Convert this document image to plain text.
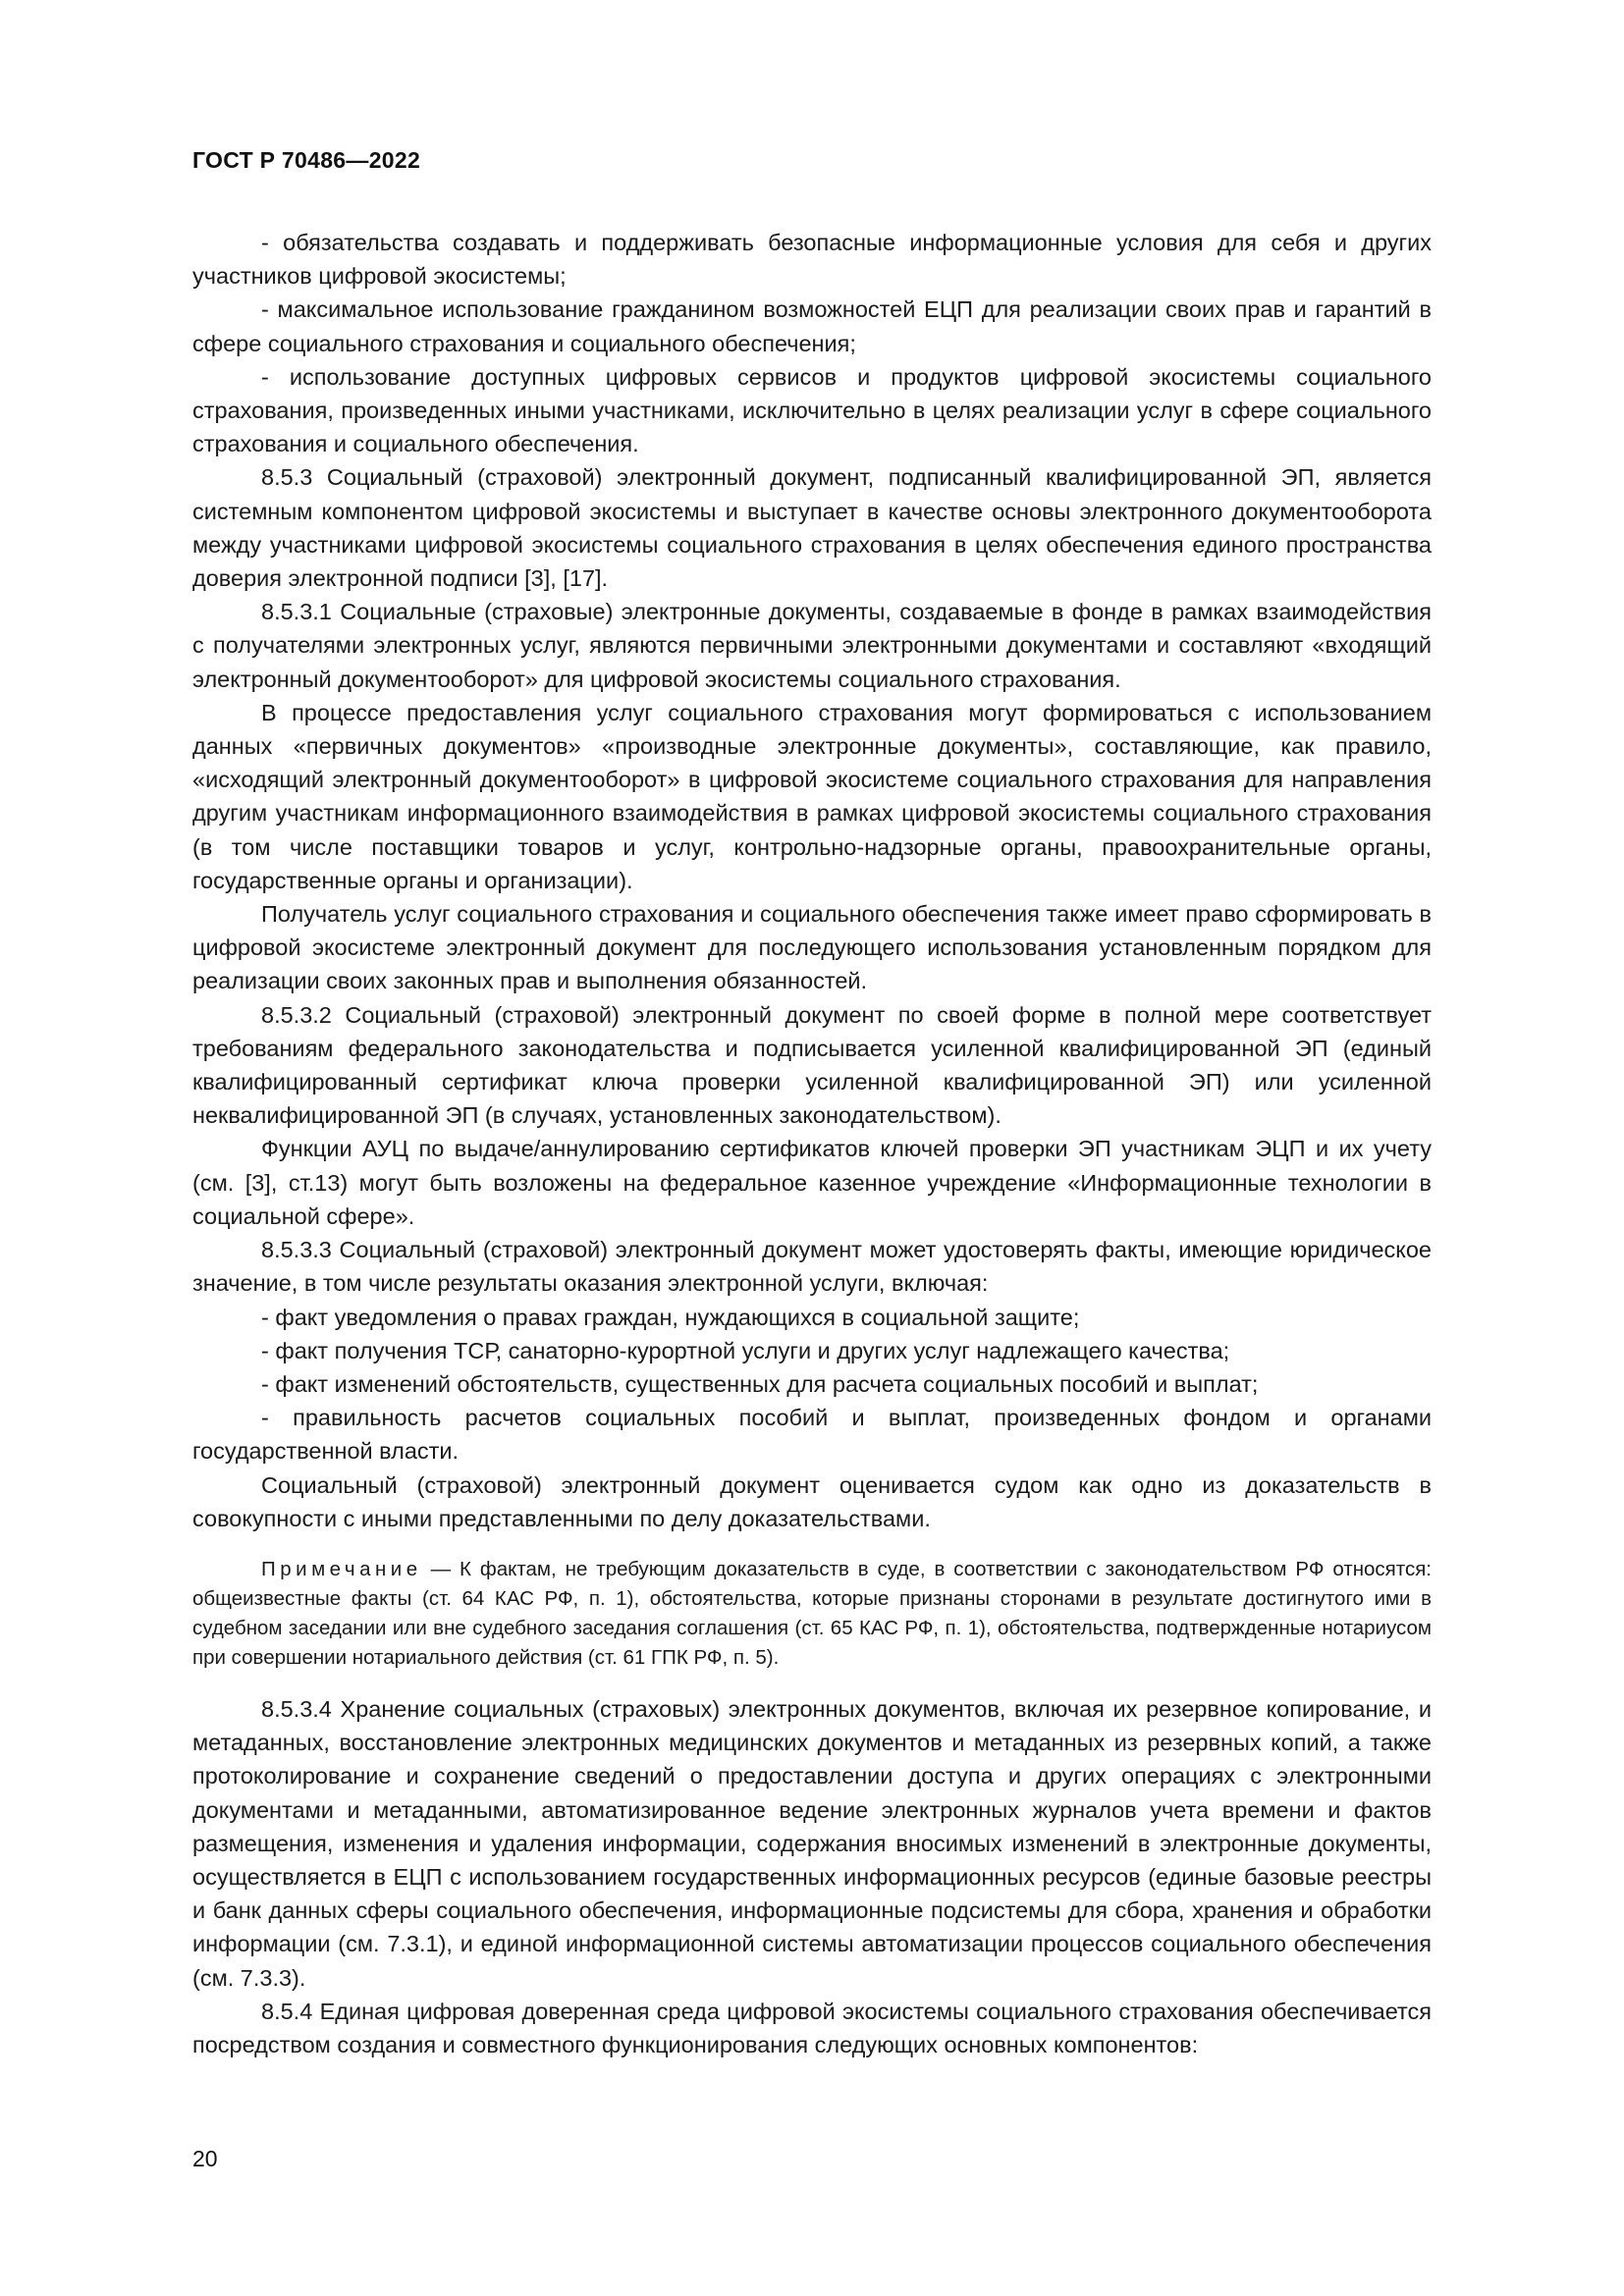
ГОСТ Р 70486—2022

- обязательства создавать и поддерживать безопасные информационные условия для себя и других участников цифровой экосистемы;

- максимальное использование гражданином возможностей ЕЦП для реализации своих прав и гарантий в сфере социального страхования и социального обеспечения;

- использование доступных цифровых сервисов и продуктов цифровой экосистемы социального страхования, произведенных иными участниками, исключительно в целях реализации услуг в сфере социального страхования и социального обеспечения.

8.5.3 Социальный (страховой) электронный документ, подписанный квалифицированной ЭП, является системным компонентом цифровой экосистемы и выступает в качестве основы электронного документооборота между участниками цифровой экосистемы социального страхования в целях обеспечения единого пространства доверия электронной подписи [3], [17].

8.5.3.1 Социальные (страховые) электронные документы, создаваемые в фонде в рамках взаимодействия с получателями электронных услуг, являются первичными электронными документами и составляют «входящий электронный документооборот» для цифровой экосистемы социального страхования.

В процессе предоставления услуг социального страхования могут формироваться с использованием данных «первичных документов» «производные электронные документы», составляющие, как правило, «исходящий электронный документооборот» в цифровой экосистеме социального страхования для направления другим участникам информационного взаимодействия в рамках цифровой экосистемы социального страхования (в том числе поставщики товаров и услуг, контрольно-надзорные органы, правоохранительные органы, государственные органы и организации).

Получатель услуг социального страхования и социального обеспечения также имеет право сформировать в цифровой экосистеме электронный документ для последующего использования установленным порядком для реализации своих законных прав и выполнения обязанностей.

8.5.3.2 Социальный (страховой) электронный документ по своей форме в полной мере соответствует требованиям федерального законодательства и подписывается усиленной квалифицированной ЭП (единый квалифицированный сертификат ключа проверки усиленной квалифицированной ЭП) или усиленной неквалифицированной ЭП (в случаях, установленных законодательством).

Функции АУЦ по выдаче/аннулированию сертификатов ключей проверки ЭП участникам ЭЦП и их учету (см. [3], ст.13) могут быть возложены на федеральное казенное учреждение «Информационные технологии в социальной сфере».

8.5.3.3 Социальный (страховой) электронный документ может удостоверять факты, имеющие юридическое значение, в том числе результаты оказания электронной услуги, включая:

- факт уведомления о правах граждан, нуждающихся в социальной защите;

- факт получения ТСР, санаторно-курортной услуги и других услуг надлежащего качества;

- факт изменений обстоятельств, существенных для расчета социальных пособий и выплат;

- правильность расчетов социальных пособий и выплат, произведенных фондом и органами государственной власти.

Социальный (страховой) электронный документ оценивается судом как одно из доказательств в совокупности с иными представленными по делу доказательствами.

Примечание — К фактам, не требующим доказательств в суде, в соответствии с законодательством РФ относятся: общеизвестные факты (ст. 64 КАС РФ, п. 1), обстоятельства, которые признаны сторонами в результате достигнутого ими в судебном заседании или вне судебного заседания соглашения (ст. 65 КАС РФ, п. 1), обстоятельства, подтвержденные нотариусом при совершении нотариального действия (ст. 61 ГПК РФ, п. 5).

8.5.3.4 Хранение социальных (страховых) электронных документов, включая их резервное копирование, и метаданных, восстановление электронных медицинских документов и метаданных из резервных копий, а также протоколирование и сохранение сведений о предоставлении доступа и других операциях с электронными документами и метаданными, автоматизированное ведение электронных журналов учета времени и фактов размещения, изменения и удаления информации, содержания вносимых изменений в электронные документы, осуществляется в ЕЦП с использованием государственных информационных ресурсов (единые базовые реестры и банк данных сферы социального обеспечения, информационные подсистемы для сбора, хранения и обработки информации (см. 7.3.1), и единой информационной системы автоматизации процессов социального обеспечения (см. 7.3.3).

8.5.4 Единая цифровая доверенная среда цифровой экосистемы социального страхования обеспечивается посредством создания и совместного функционирования следующих основных компонентов:

20
